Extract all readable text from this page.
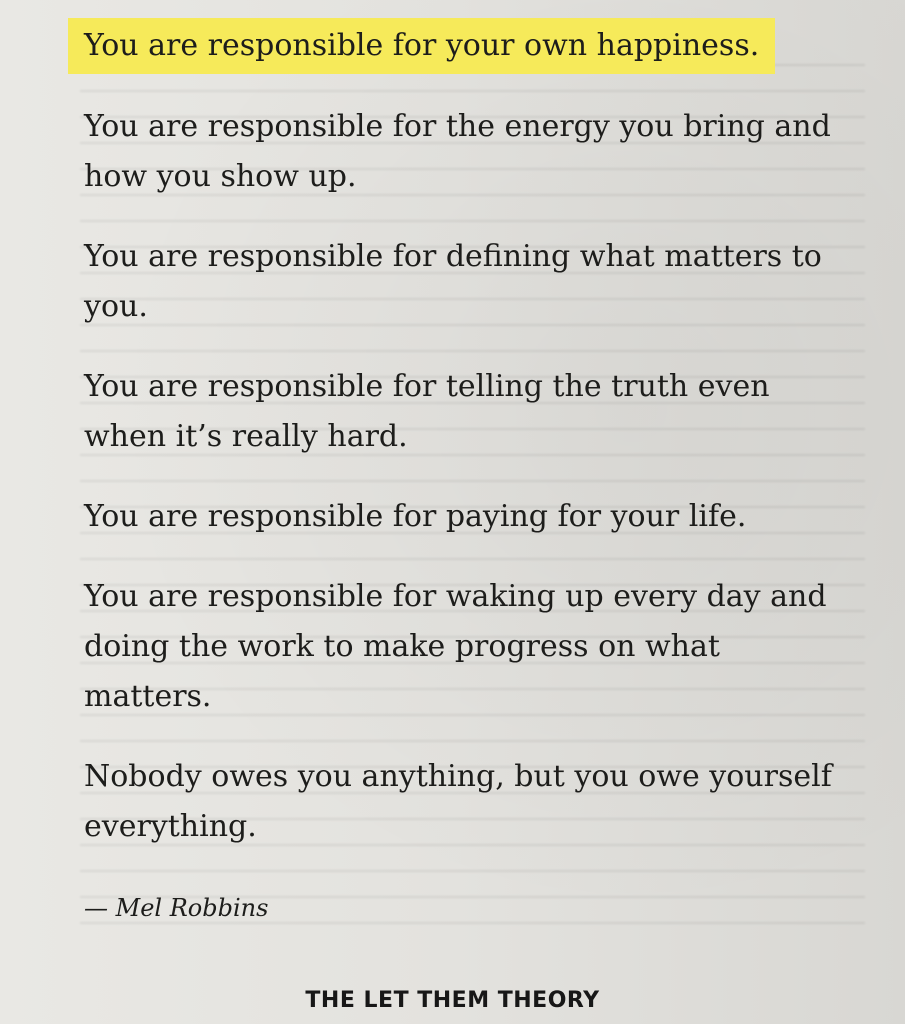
You are responsible for your own happiness.

You are responsible for the energy you bring and how you show up.

You are responsible for defining what matters to you.

You are responsible for telling the truth even when it’s really hard.

You are responsible for paying for your life.

You are responsible for waking up every day and doing the work to make progress on what matters.

Nobody owes you anything, but you owe yourself everything.

— Mel Robbins
THE LET THEM THEORY
